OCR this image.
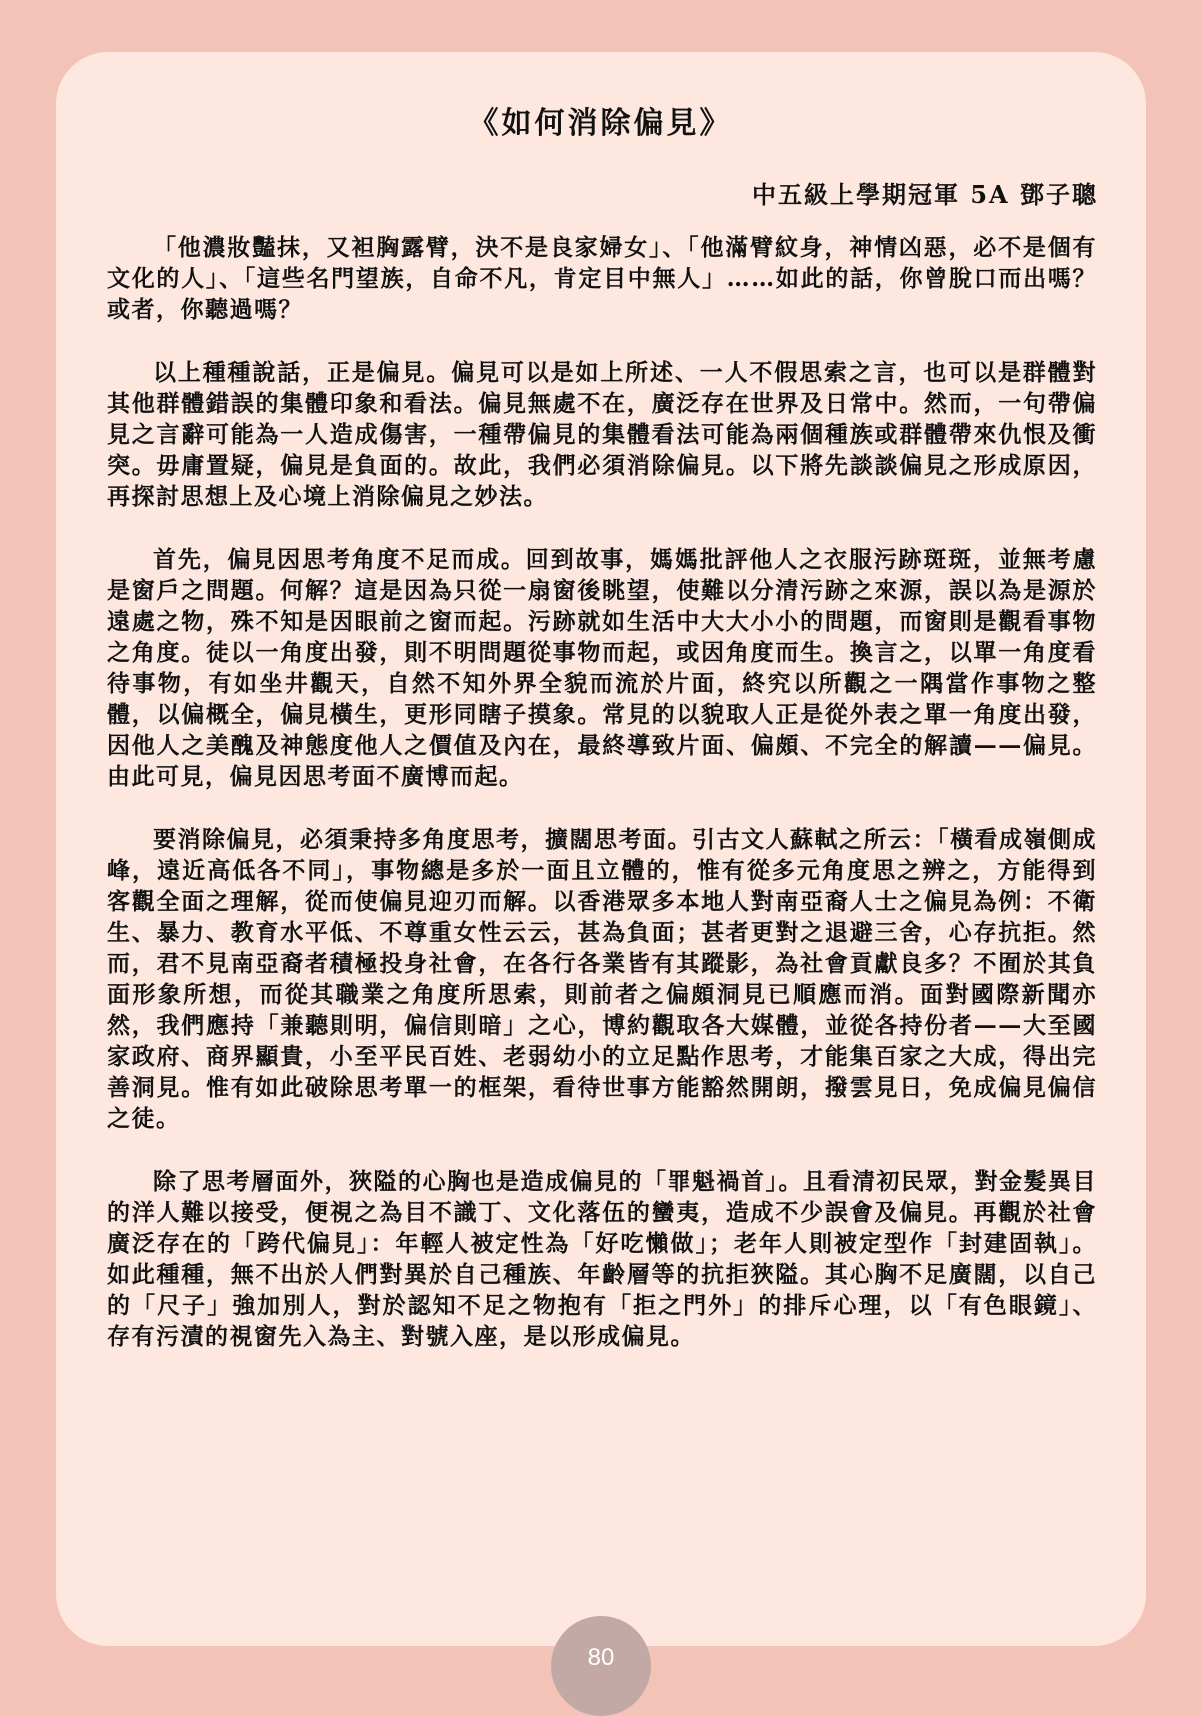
《如何消除偏見》

中五級上學期冠軍 5A 鄧子聰

「他濃妝豔抹，又袒胸露臂，決不是良家婦女」、「他滿臂紋身，神情凶惡，必不是個有文化的人」、「這些名門望族，自命不凡，肯定目中無人」……如此的話，你曾脫口而出嗎？或者，你聽過嗎？

以上種種說話，正是偏見。偏見可以是如上所述、一人不假思索之言，也可以是群體對其他群體錯誤的集體印象和看法。偏見無處不在，廣泛存在世界及日常中。然而，一句帶偏見之言辭可能為一人造成傷害，一種帶偏見的集體看法可能為兩個種族或群體帶來仇恨及衝突。毋庸置疑，偏見是負面的。故此，我們必須消除偏見。以下將先談談偏見之形成原因，再探討思想上及心境上消除偏見之妙法。

首先，偏見因思考角度不足而成。回到故事，媽媽批評他人之衣服污跡斑斑，並無考慮是窗戶之問題。何解？這是因為只從一扇窗後眺望，使難以分清污跡之來源，誤以為是源於遠處之物，殊不知是因眼前之窗而起。污跡就如生活中大大小小的問題，而窗則是觀看事物之角度。徒以一角度出發，則不明問題從事物而起，或因角度而生。換言之，以單一角度看待事物，有如坐井觀天，自然不知外界全貌而流於片面，終究以所觀之一隅當作事物之整體，以偏概全，偏見橫生，更形同瞎子摸象。常見的以貌取人正是從外表之單一角度出發，因他人之美醜及神態度他人之價值及內在，最終導致片面、偏頗、不完全的解讀——偏見。由此可見，偏見因思考面不廣博而起。

要消除偏見，必須秉持多角度思考，擴闊思考面。引古文人蘇軾之所云：「橫看成嶺側成峰，遠近高低各不同」，事物總是多於一面且立體的，惟有從多元角度思之辨之，方能得到客觀全面之理解，從而使偏見迎刃而解。以香港眾多本地人對南亞裔人士之偏見為例：不衛生、暴力、教育水平低、不尊重女性云云，甚為負面；甚者更對之退避三舍，心存抗拒。然而，君不見南亞裔者積極投身社會，在各行各業皆有其蹤影，為社會貢獻良多？不囿於其負面形象所想，而從其職業之角度所思索，則前者之偏頗洞見已順應而消。面對國際新聞亦然，我們應持「兼聽則明，偏信則暗」之心，博約觀取各大媒體，並從各持份者——大至國家政府、商界顯貴，小至平民百姓、老弱幼小的立足點作思考，才能集百家之大成，得出完善洞見。惟有如此破除思考單一的框架，看待世事方能豁然開朗，撥雲見日，免成偏見偏信之徒。

除了思考層面外，狹隘的心胸也是造成偏見的「罪魁禍首」。且看清初民眾，對金髮異目的洋人難以接受，便視之為目不識丁、文化落伍的蠻夷，造成不少誤會及偏見。再觀於社會廣泛存在的「跨代偏見」：年輕人被定性為「好吃懶做」；老年人則被定型作「封建固執」。如此種種，無不出於人們對異於自己種族、年齡層等的抗拒狹隘。其心胸不足廣闊，以自己的「尺子」強加別人，對於認知不足之物抱有「拒之門外」的排斥心理，以「有色眼鏡」、存有污漬的視窗先入為主、對號入座，是以形成偏見。

80
